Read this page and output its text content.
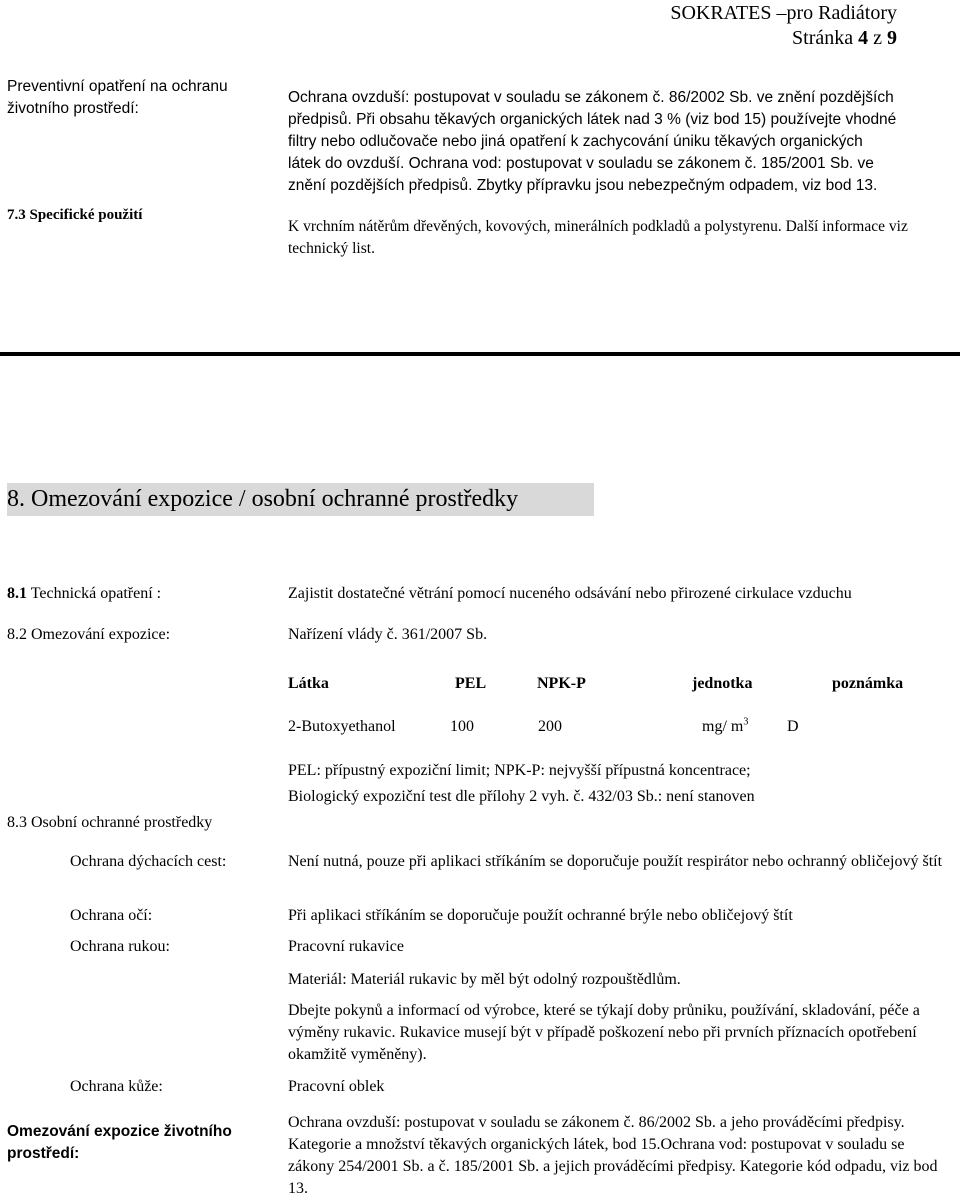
SOKRATES –pro Radiátory
Stránka 4 z 9
Preventivní opatření na ochranu
životního prostředí:
Ochrana ovzduší: postupovat v souladu se zákonem č. 86/2002 Sb. ve znění pozdějších
předpisů. Při obsahu těkavých organických látek nad 3 % (viz bod 15) používejte vhodné
filtry nebo odlučovače nebo jiná opatření k zachycování úniku těkavých organických
látek do ovzduší. Ochrana vod: postupovat v souladu se zákonem č. 185/2001 Sb. ve
znění pozdějších předpisů. Zbytky přípravku jsou nebezpečným odpadem, viz bod 13.
7.3 Specifické použití
K vrchním nátěrům dřevěných, kovových, minerálních podkladů a polystyrenu. Další informace viz technický list.
8. Omezování expozice / osobní ochranné prostředky
8.1 Technická opatření :	Zajistit dostatečné větrání pomocí nuceného odsávání nebo přirozené cirkulace vzduchu
8.2 Omezování expozice:	Nařízení vlády č. 361/2007 Sb.
Látka	PEL	NPK-P	jednotka	poznámka
2-Butoxyethanol	100	200	mg/ $m^3$ D
PEL: přípustný expoziční limit; NPK-P: nejvyšší přípustná koncentrace;
Biologický expoziční test dle přílohy 2 vyh. č. 432/03 Sb.: není stanoven
8.3 Osobní ochranné prostředky
Ochrana dýchacích cest:	Není nutná, pouze při aplikaci stříkáním se doporučuje použít respirátor nebo ochranný obličejový štít
Ochrana očí:	Při aplikaci stříkáním se doporučuje použít ochranné brýle nebo obličejový štít
Ochrana rukou:	Pracovní rukavice
Materiál: Materiál rukavic by měl být odolný rozpouštědlům.
Dbejte pokynů a informací od výrobce, které se týkají doby průniku, používání, skladování, péče a výměny rukavic. Rukavice musejí být v případě poškození nebo při prvních příznacích opotřebení okamžitě vyměněny).
Ochrana kůže:	Pracovní oblek
Omezování expozice životního prostředí:
Ochrana ovzduší: postupovat v souladu se zákonem č. 86/2002 Sb. a jeho prováděcími předpisy. Kategorie a množství těkavých organických látek, bod 15.Ochrana vod: postupovat v souladu se zákony 254/2001 Sb. a č. 185/2001 Sb. a jejich prováděcími předpisy. Kategorie kód odpadu, viz bod 13.
